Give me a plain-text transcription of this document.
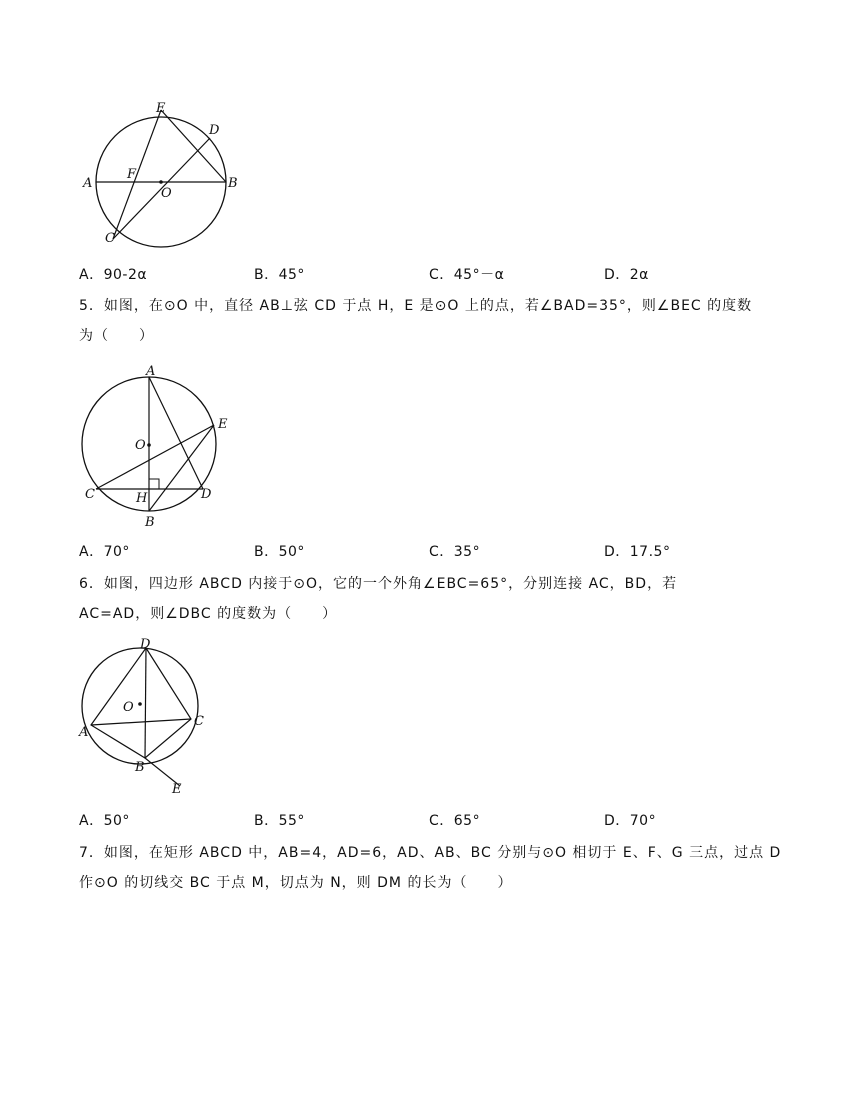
E
D
A
F
O
B
C
A．90-2α	B．45°	C．45°－α	D．2α
5．如图，在⊙O 中，直径 AB⊥弦 CD 于点 H，E 是⊙O 上的点，若∠BAD=35°，则∠BEC 的度数
为（　　）
A
O
E
C	H	D
B
A．70°	B．50°	C．35°	D．17.5°
6．如图，四边形 ABCD 内接于⊙O，它的一个外角∠EBC=65°，分别连接 AC，BD，若
AC=AD，则∠DBC 的度数为（　　）
D
O
C
A
B
E
A．50°	B．55°	C．65°	D．70°
7．如图，在矩形 ABCD 中，AB=4，AD=6，AD、AB、BC 分别与⊙O 相切于 E、F、G 三点，过点 D
作⊙O 的切线交 BC 于点 M，切点为 N，则 DM 的长为（　　）
